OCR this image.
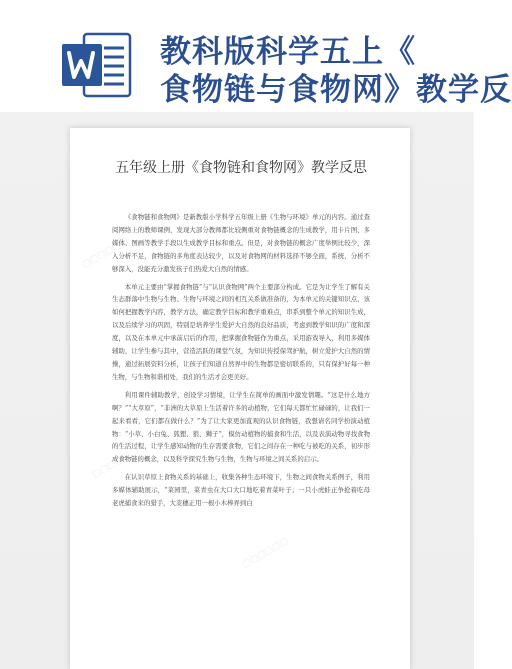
教科版科学五上《
食物链与食物网》教学反
五年级上册《食物链和食物网》教学反思

《食物链和食物网》是新教版小学科学五年级上册《生物与环境》单元的内容。通过查阅网络上的教师课例，发现大部分教师都比较侧重对食物链概念的生成教学，用卡片图、多媒体、图画等教学手段以生成教学目标和重点。但是，对食物链的概念广度举例比较少，深入分析不足，食物链的多角度表达较少，以及对食物网的材料选择不够全面，系统，分析不够深入，没能充分激发孩子们热爱大自然的情感。

本单元主要由“掌握食物链”与“认识食物网”两个主要部分构成。它是为让学生了解有关生态群落中生物与生物、生物与环境之间的相互关系做准备的，为本单元的关键知识点，该如何把握教学内容，教学方法，确定教学目标和教学重难点，串系到整个单元的知识生成，以及后续学习的巩固，特别是培养学生爱护大自然的良好品质，考虑到教学知识的广度和深度，以及在本单元中承前启后的作用，把掌握食物链作为重点，采用游戏导入，利用多媒体辅助，让学生参与其中，营造活跃的课堂气氛，为知识传授保驾护航，树立爱护大自然的情操，通过拓展资料分析，让孩子们知道自然界中的生物都是密切联系的，只有保护好每一种生物，与生物和谐相处，我们的生活才会更美好。

利用课件辅助教学，创设学习情境，让学生在简单的画面中激发情趣。“这是什么地方啊？”“大草原”，“非洲的大草原上生活着许多的动植物，它们每天都忙忙碌碌的，让我们一起来看看，它们都在做什么？”为了让大家更加直观的认识食物链，我想请名同学扮演动植物：“小草、小白兔、狐狸、狼、狮子”，模仿动植物的捕食和生活，以及表演动物寻找食物的生活过程，让学生感知动物的生存需要食物，它们之间存在一种吃与被吃的关系，初步形成食物链的概念，以及科学探究生物与生物，生物与环境之间关系的启示。

在认识草原上食物关系的基础上，收集各种生态环境下，生物之间食物关系例子，利用多媒体辅助展示，“菜园里，菜青虫在大口大口地吃着青菜叶子；一只小虎蛙正争抢着吃母老虎捕食来的猎手，大麦穗正用一根小木棒弄到白

▢▢▢▢▢▢
▢▢▢▢▢▢
▢▢▢▢▢▢
▢▢▢▢▢▢
